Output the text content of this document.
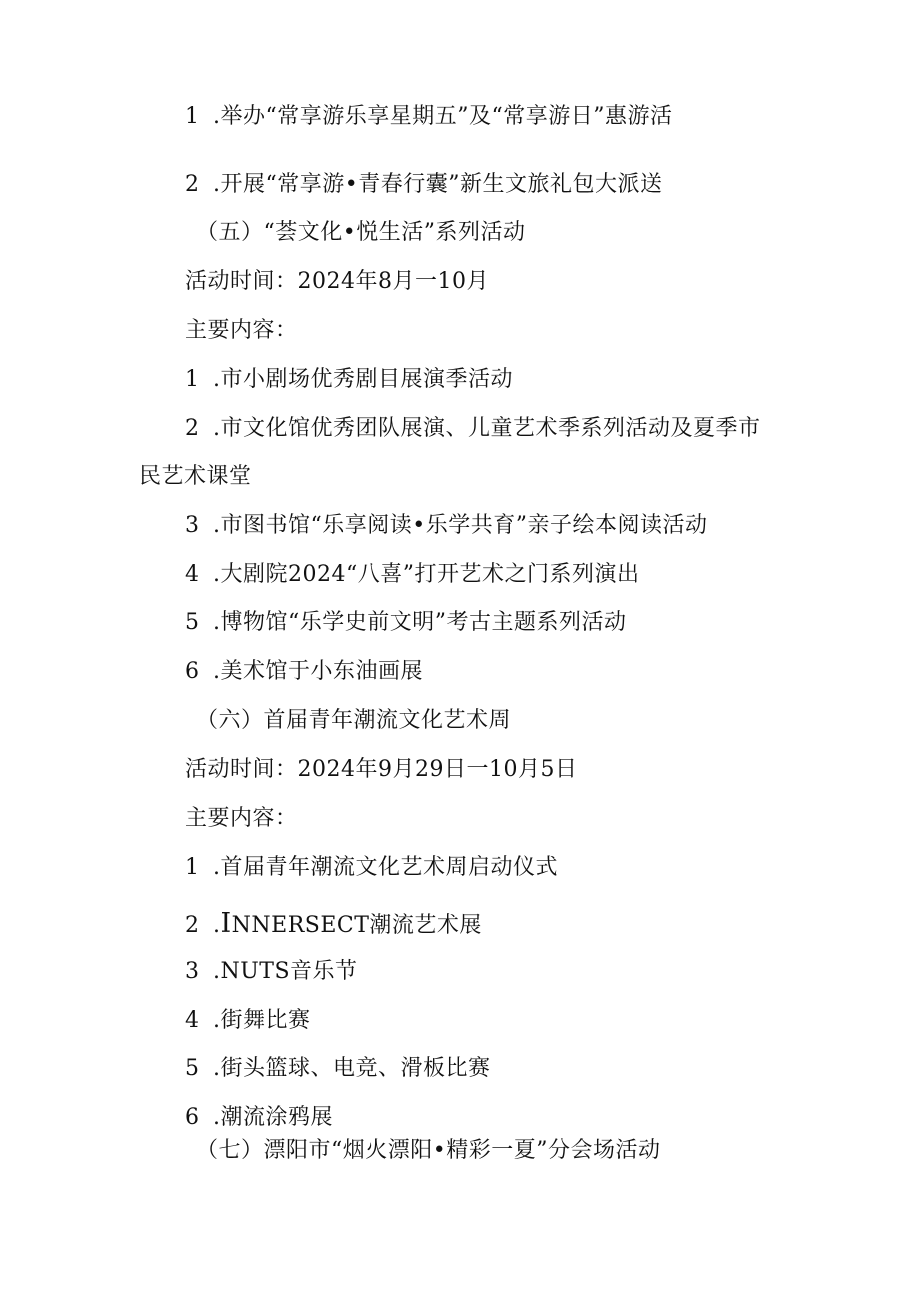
1 .举办“常享游乐享星期五”及“常享游日”惠游活
2 .开展“常享游•青春行囊”新生文旅礼包大派送
（五）“荟文化•悦生活”系列活动
活动时间：2024年8月一10月
主要内容：
1 .市小剧场优秀剧目展演季活动
2 .市文化馆优秀团队展演、儿童艺术季系列活动及夏季市
民艺术课堂
3 .市图书馆“乐享阅读•乐学共育”亲子绘本阅读活动
4 .大剧院2024“八喜”打开艺术之门系列演出
5 .博物馆“乐学史前文明”考古主题系列活动
6 .美术馆于小东油画展
（六）首届青年潮流文化艺术周
活动时间：2024年9月29日一10月5日
主要内容：
1 .首届青年潮流文化艺术周启动仪式
2 .INNERSECT潮流艺术展
3 .NUTS音乐节
4 .街舞比赛
5 .街头篮球、电竞、滑板比赛
6 .潮流涂鸦展
（七）漂阳市“烟火漂阳•精彩一夏”分会场活动
